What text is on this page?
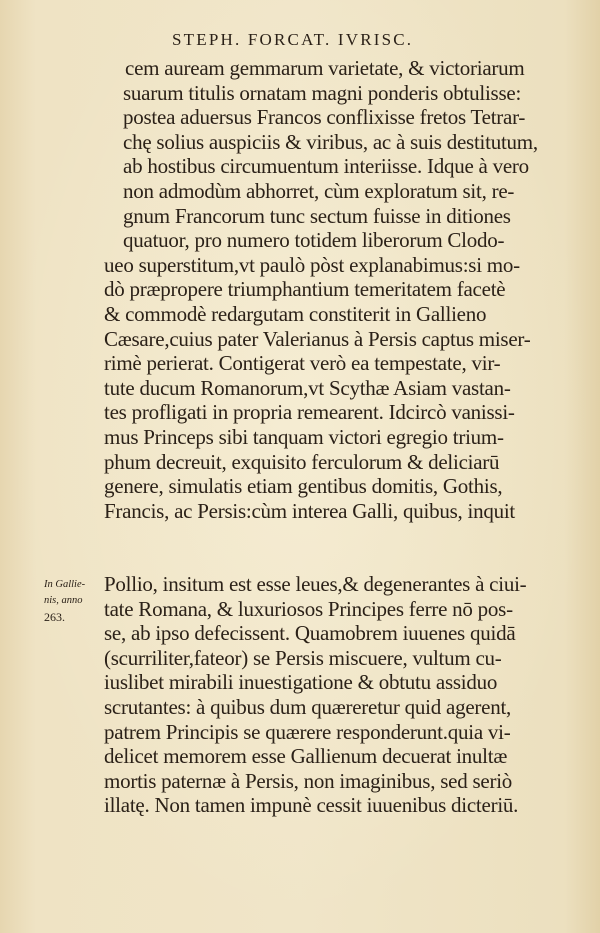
STEPH. FORCAT. IVRISC.
cem auream gemmarum varietate, & victoriarum
suarum titulis ornatam magni ponderis obtulisse:
postea aduersus Francos conflixisse fretos Tetrar-
chę solius auspiciis & viribus, ac à suis destitutum,
ab hostibus circumuentum interiisse. Idque à vero
non admodùm abhorret, cùm exploratum sit, re-
gnum Francorum tunc sectum fuisse in ditiones
quatuor, pro numero totidem liberorum Clodo-
ueo superstitum,vt paulò pòst explanabimus:si mo-
dò præpropere triumphantium temeritatem facetè
& commodè redargutam constiterit in Gallieno
Cæsare,cuius pater Valerianus à Persis captus miser-
rimè perierat. Contigerat verò ea tempestate, vir-
tute ducum Romanorum,vt Scythæ Asiam vastan-
tes profligati in propria remearent. Idcircò vanissi-
mus Princeps sibi tanquam victori egregio trium-
phum decreuit, exquisito ferculorum & deliciarū
genere, simulatis etiam gentibus domitis, Gothis,
Francis, ac Persis:cùm interea Galli, quibus, inquit
Pollio, insitum est esse leues,& degenerantes à ciui-
tate Romana, & luxuriosos Principes ferre nō pos-
se, ab ipso defecissent. Quamobrem iuuenes quidā
(scurriliter,fateor) se Persis miscuere, vultum cu-
iuslibet mirabili inuestigatione & obtutu assiduo
scrutantes: à quibus dum quæreretur quid agerent,
patrem Principis se quærere responderunt.quia vi-
delicet memorem esse Gallienum decuerat inultæ
mortis paternæ à Persis, non imaginibus, sed seriò
illatę. Non tamen impunè cessit iuuenibus dicteriū.
In Gallie-
nis, anno
263.
